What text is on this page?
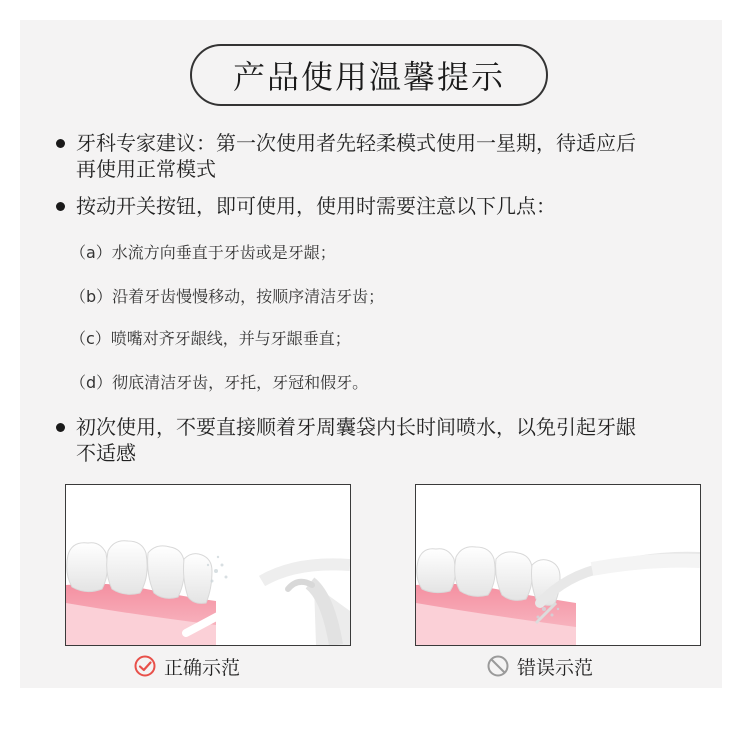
产品使用温馨提示
牙科专家建议：第一次使用者先轻柔模式使用一星期，待适应后
再使用正常模式
按动开关按钮，即可使用，使用时需要注意以下几点：
（a）水流方向垂直于牙齿或是牙龈；
（b）沿着牙齿慢慢移动，按顺序清洁牙齿；
（c）喷嘴对齐牙龈线，并与牙龈垂直；
（d）彻底清洁牙齿，牙托，牙冠和假牙。
初次使用，不要直接顺着牙周囊袋内长时间喷水，以免引起牙龈
不适感
正确示范	错误示范
